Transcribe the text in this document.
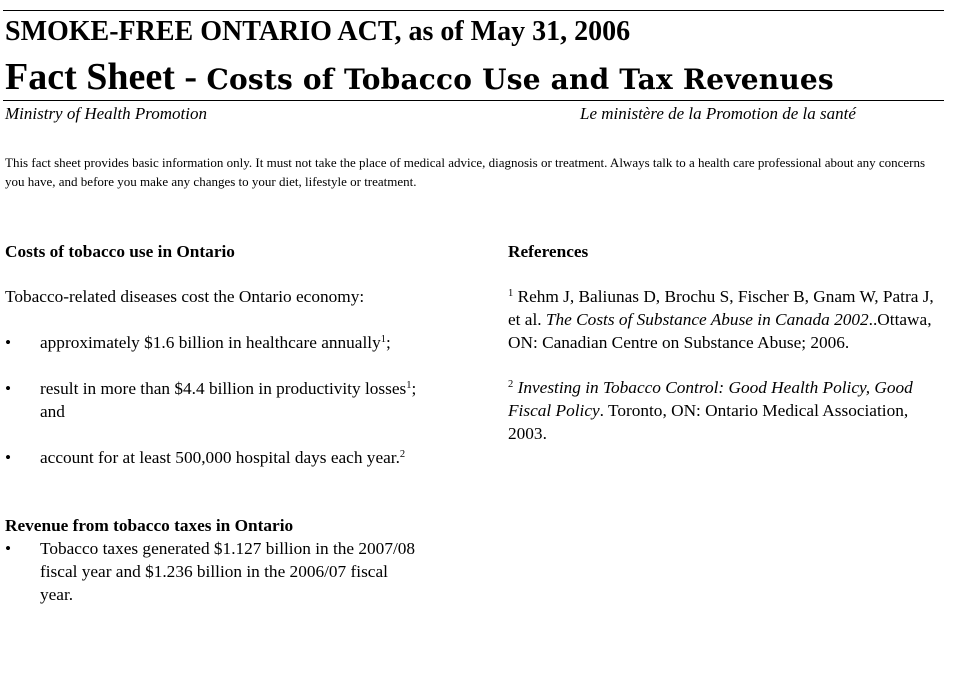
SMOKE-FREE ONTARIO ACT, as of May 31, 2006
Fact Sheet - Costs of Tobacco Use and Tax Revenues
Ministry of Health Promotion	Le ministère de la Promotion de la santé
This fact sheet provides basic information only. It must not take the place of medical advice, diagnosis or treatment. Always talk to a health care professional about any concerns you have, and before you make any changes to your diet, lifestyle or treatment.
Costs of tobacco use in Ontario
Tobacco-related diseases cost the Ontario economy:
• approximately $1.6 billion in healthcare annually$^1$;
• result in more than $4.4 billion in productivity losses$^1$; and
• account for at least 500,000 hospital days each year.$^2$
Revenue from tobacco taxes in Ontario
• Tobacco taxes generated $1.127 billion in the 2007/08 fiscal year and $1.236 billion in the 2006/07 fiscal year.
References

$^1$ Rehm J, Baliunas D, Brochu S, Fischer B, Gnam W, Patra J, et al. The Costs of Substance Abuse in Canada 2002..Ottawa, ON: Canadian Centre on Substance Abuse; 2006.

$^2$ Investing in Tobacco Control: Good Health Policy, Good Fiscal Policy. Toronto, ON: Ontario Medical Association, 2003.
